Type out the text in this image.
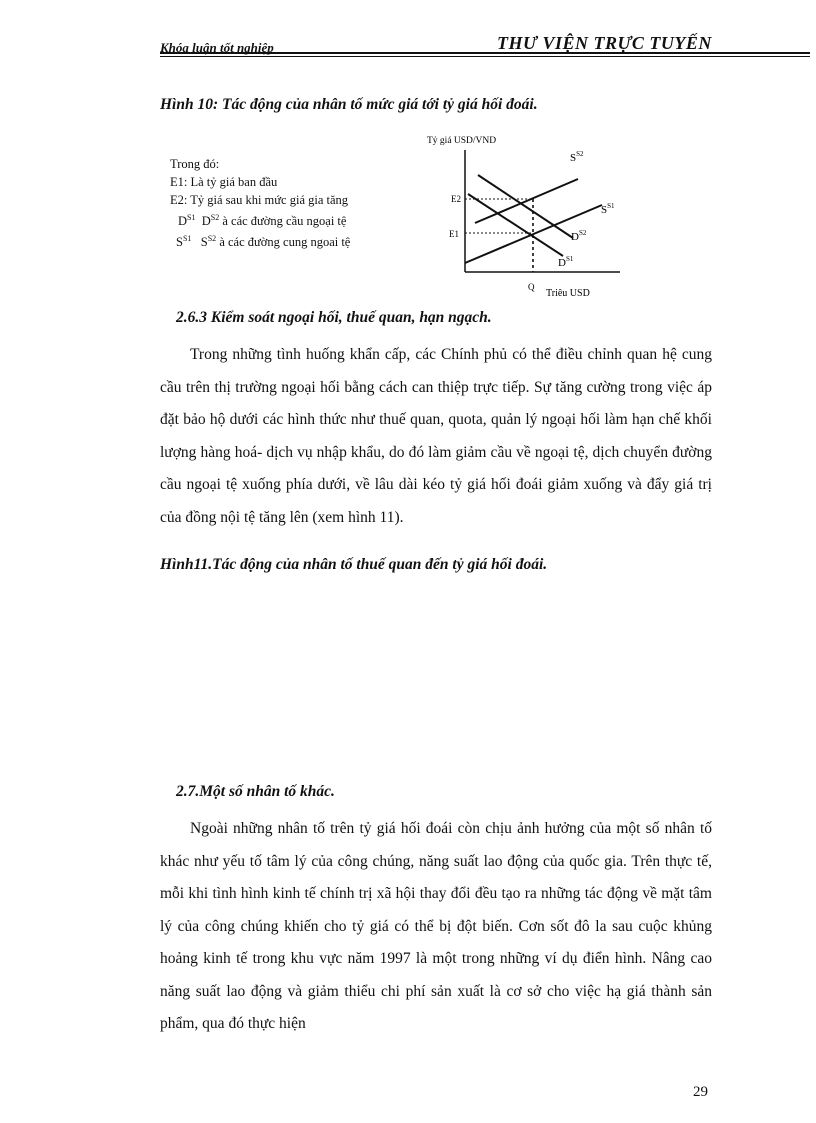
Khóa luận tốt nghiệp	THƯ VIỆN TRỰC TUYẾN
Hình 10: Tác động của nhân tố mức giá tới tỷ giá hối đoái.
Trong đó:
E1: Là tỷ giá ban đầu
E2: Tỷ giá sau khi mức giá gia tăng
$D^{S1}$ $D^{S2}$ à các đường cầu ngoại tệ
$S^{S1}$ $S^{S2}$ à các đường cung ngoai tệ
Tỷ giá USD/VND
E2
E1
Q
Triêu USD
$S^{S2}$
$S^{S1}$
$D^{S2}$
$D^{S1}$
2.6.3 Kiểm soát ngoại hối, thuế quan, hạn ngạch.
Trong những tình huống khẩn cấp, các Chính phủ có thể điều chỉnh quan hệ cung cầu trên thị trường ngoại hối bằng cách can thiệp trực tiếp. Sự tăng cường trong việc áp đặt bảo hộ dưới các hình thức như thuế quan, quota, quản lý ngoại hối làm hạn chế khối lượng hàng hoá- dịch vụ nhập khẩu, do đó làm giảm cầu về ngoại tệ, dịch chuyển đường cầu ngoại tệ xuống phía dưới, về lâu dài kéo tỷ giá hối đoái giảm xuống và đẩy giá trị của đồng nội tệ tăng lên (xem hình 11).
Hình11.Tác động của nhân tố thuế quan đến tỷ giá hối đoái.
2.7.Một số nhân tố khác.
Ngoài những nhân tố trên tỷ giá hối đoái còn chịu ảnh hưởng của một số nhân tố khác như yếu tố tâm lý của công chúng, năng suất lao động của quốc gia. Trên thực tế, mỗi khi tình hình kinh tế chính trị xã hội thay đổi đều tạo ra những tác động về mặt tâm lý của công chúng khiến cho tỷ giá có thể bị đột biến. Cơn sốt đô la sau cuộc khủng hoảng kinh tế trong khu vực năm 1997 là một trong những ví dụ điển hình. Nâng cao năng suất lao động và giảm thiểu chi phí sản xuất là cơ sở cho việc hạ giá thành sản phẩm, qua đó thực hiện
29
